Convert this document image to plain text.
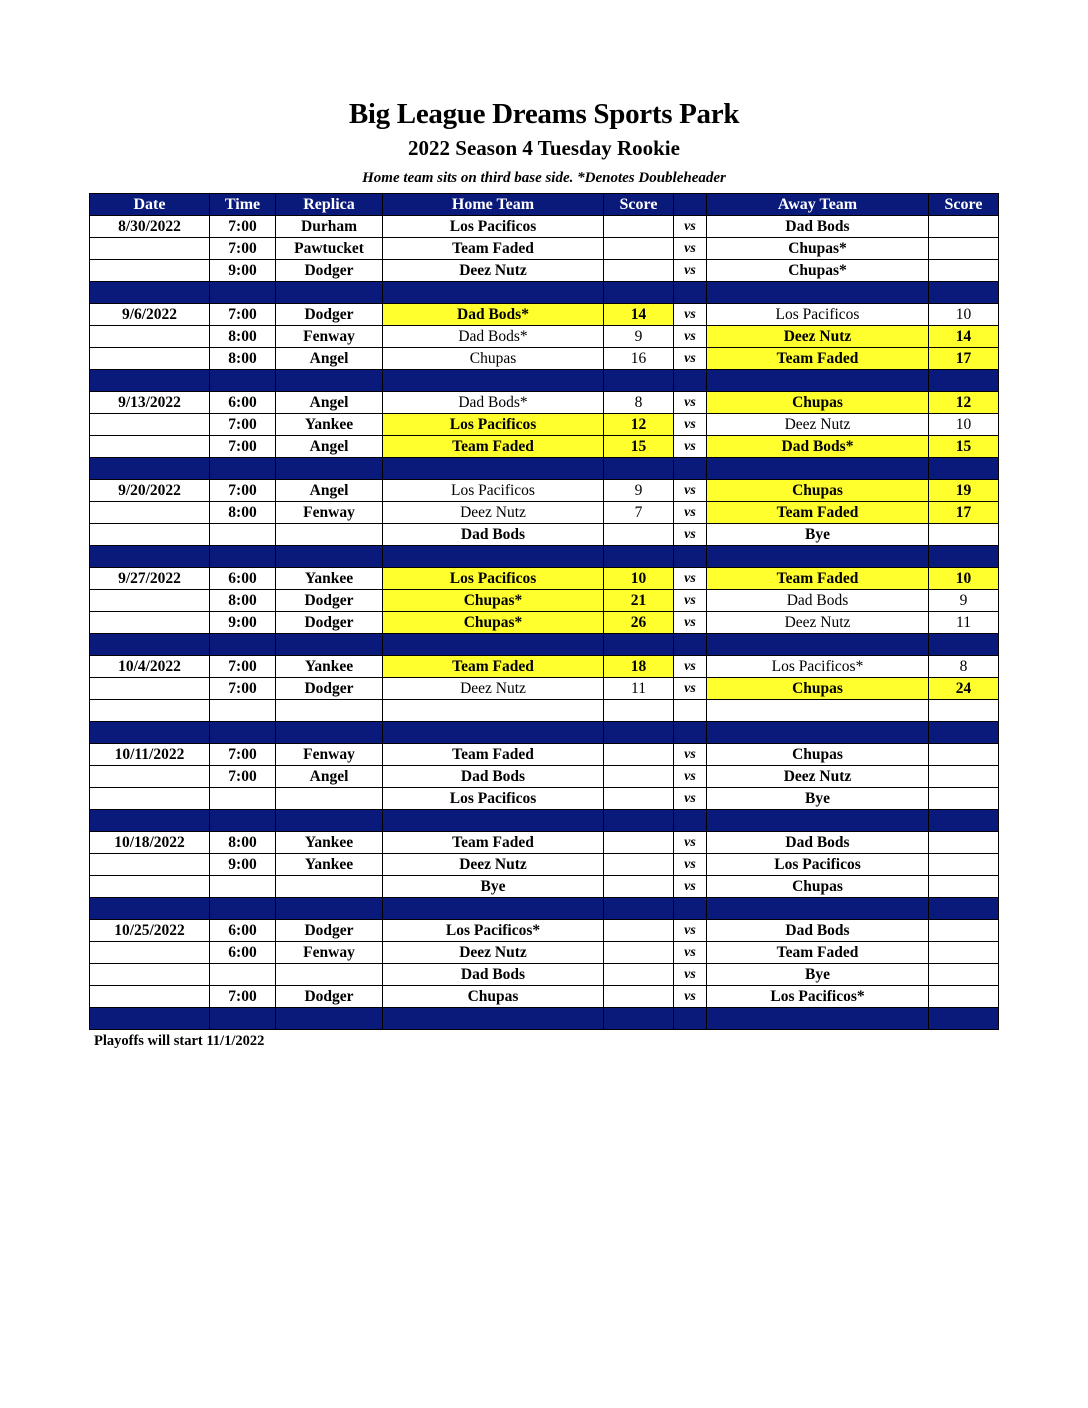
Big League Dreams Sports Park
2022 Season 4 Tuesday Rookie
Home team sits on third base side. *Denotes Doubleheader
Date	Time	Replica	Home Team	Score		Away Team	Score
8/30/2022	7:00	Durham	Los Pacificos		vs	Dad Bods	
	7:00	Pawtucket	Team Faded		vs	Chupas*	
	9:00	Dodger	Deez Nutz		vs	Chupas*	

9/6/2022	7:00	Dodger	Dad Bods*	14	vs	Los Pacificos	10
	8:00	Fenway	Dad Bods*	9	vs	Deez Nutz	14
	8:00	Angel	Chupas	16	vs	Team Faded	17

9/13/2022	6:00	Angel	Dad Bods*	8	vs	Chupas	12
	7:00	Yankee	Los Pacificos	12	vs	Deez Nutz	10
	7:00	Angel	Team Faded	15	vs	Dad Bods*	15

9/20/2022	7:00	Angel	Los Pacificos	9	vs	Chupas	19
	8:00	Fenway	Deez Nutz	7	vs	Team Faded	17
			Dad Bods		vs	Bye	

9/27/2022	6:00	Yankee	Los Pacificos	10	vs	Team Faded	10
	8:00	Dodger	Chupas*	21	vs	Dad Bods	9
	9:00	Dodger	Chupas*	26	vs	Deez Nutz	11

10/4/2022	7:00	Yankee	Team Faded	18	vs	Los Pacificos*	8
	7:00	Dodger	Deez Nutz	11	vs	Chupas	24

10/11/2022	7:00	Fenway	Team Faded		vs	Chupas	
	7:00	Angel	Dad Bods		vs	Deez Nutz	
			Los Pacificos		vs	Bye	

10/18/2022	8:00	Yankee	Team Faded		vs	Dad Bods	
	9:00	Yankee	Deez Nutz		vs	Los Pacificos	
			Bye		vs	Chupas	

10/25/2022	6:00	Dodger	Los Pacificos*		vs	Dad Bods	
	6:00	Fenway	Deez Nutz		vs	Team Faded	
			Dad Bods		vs	Bye	
	7:00	Dodger	Chupas		vs	Los Pacificos*	

Playoffs will start 11/1/2022
